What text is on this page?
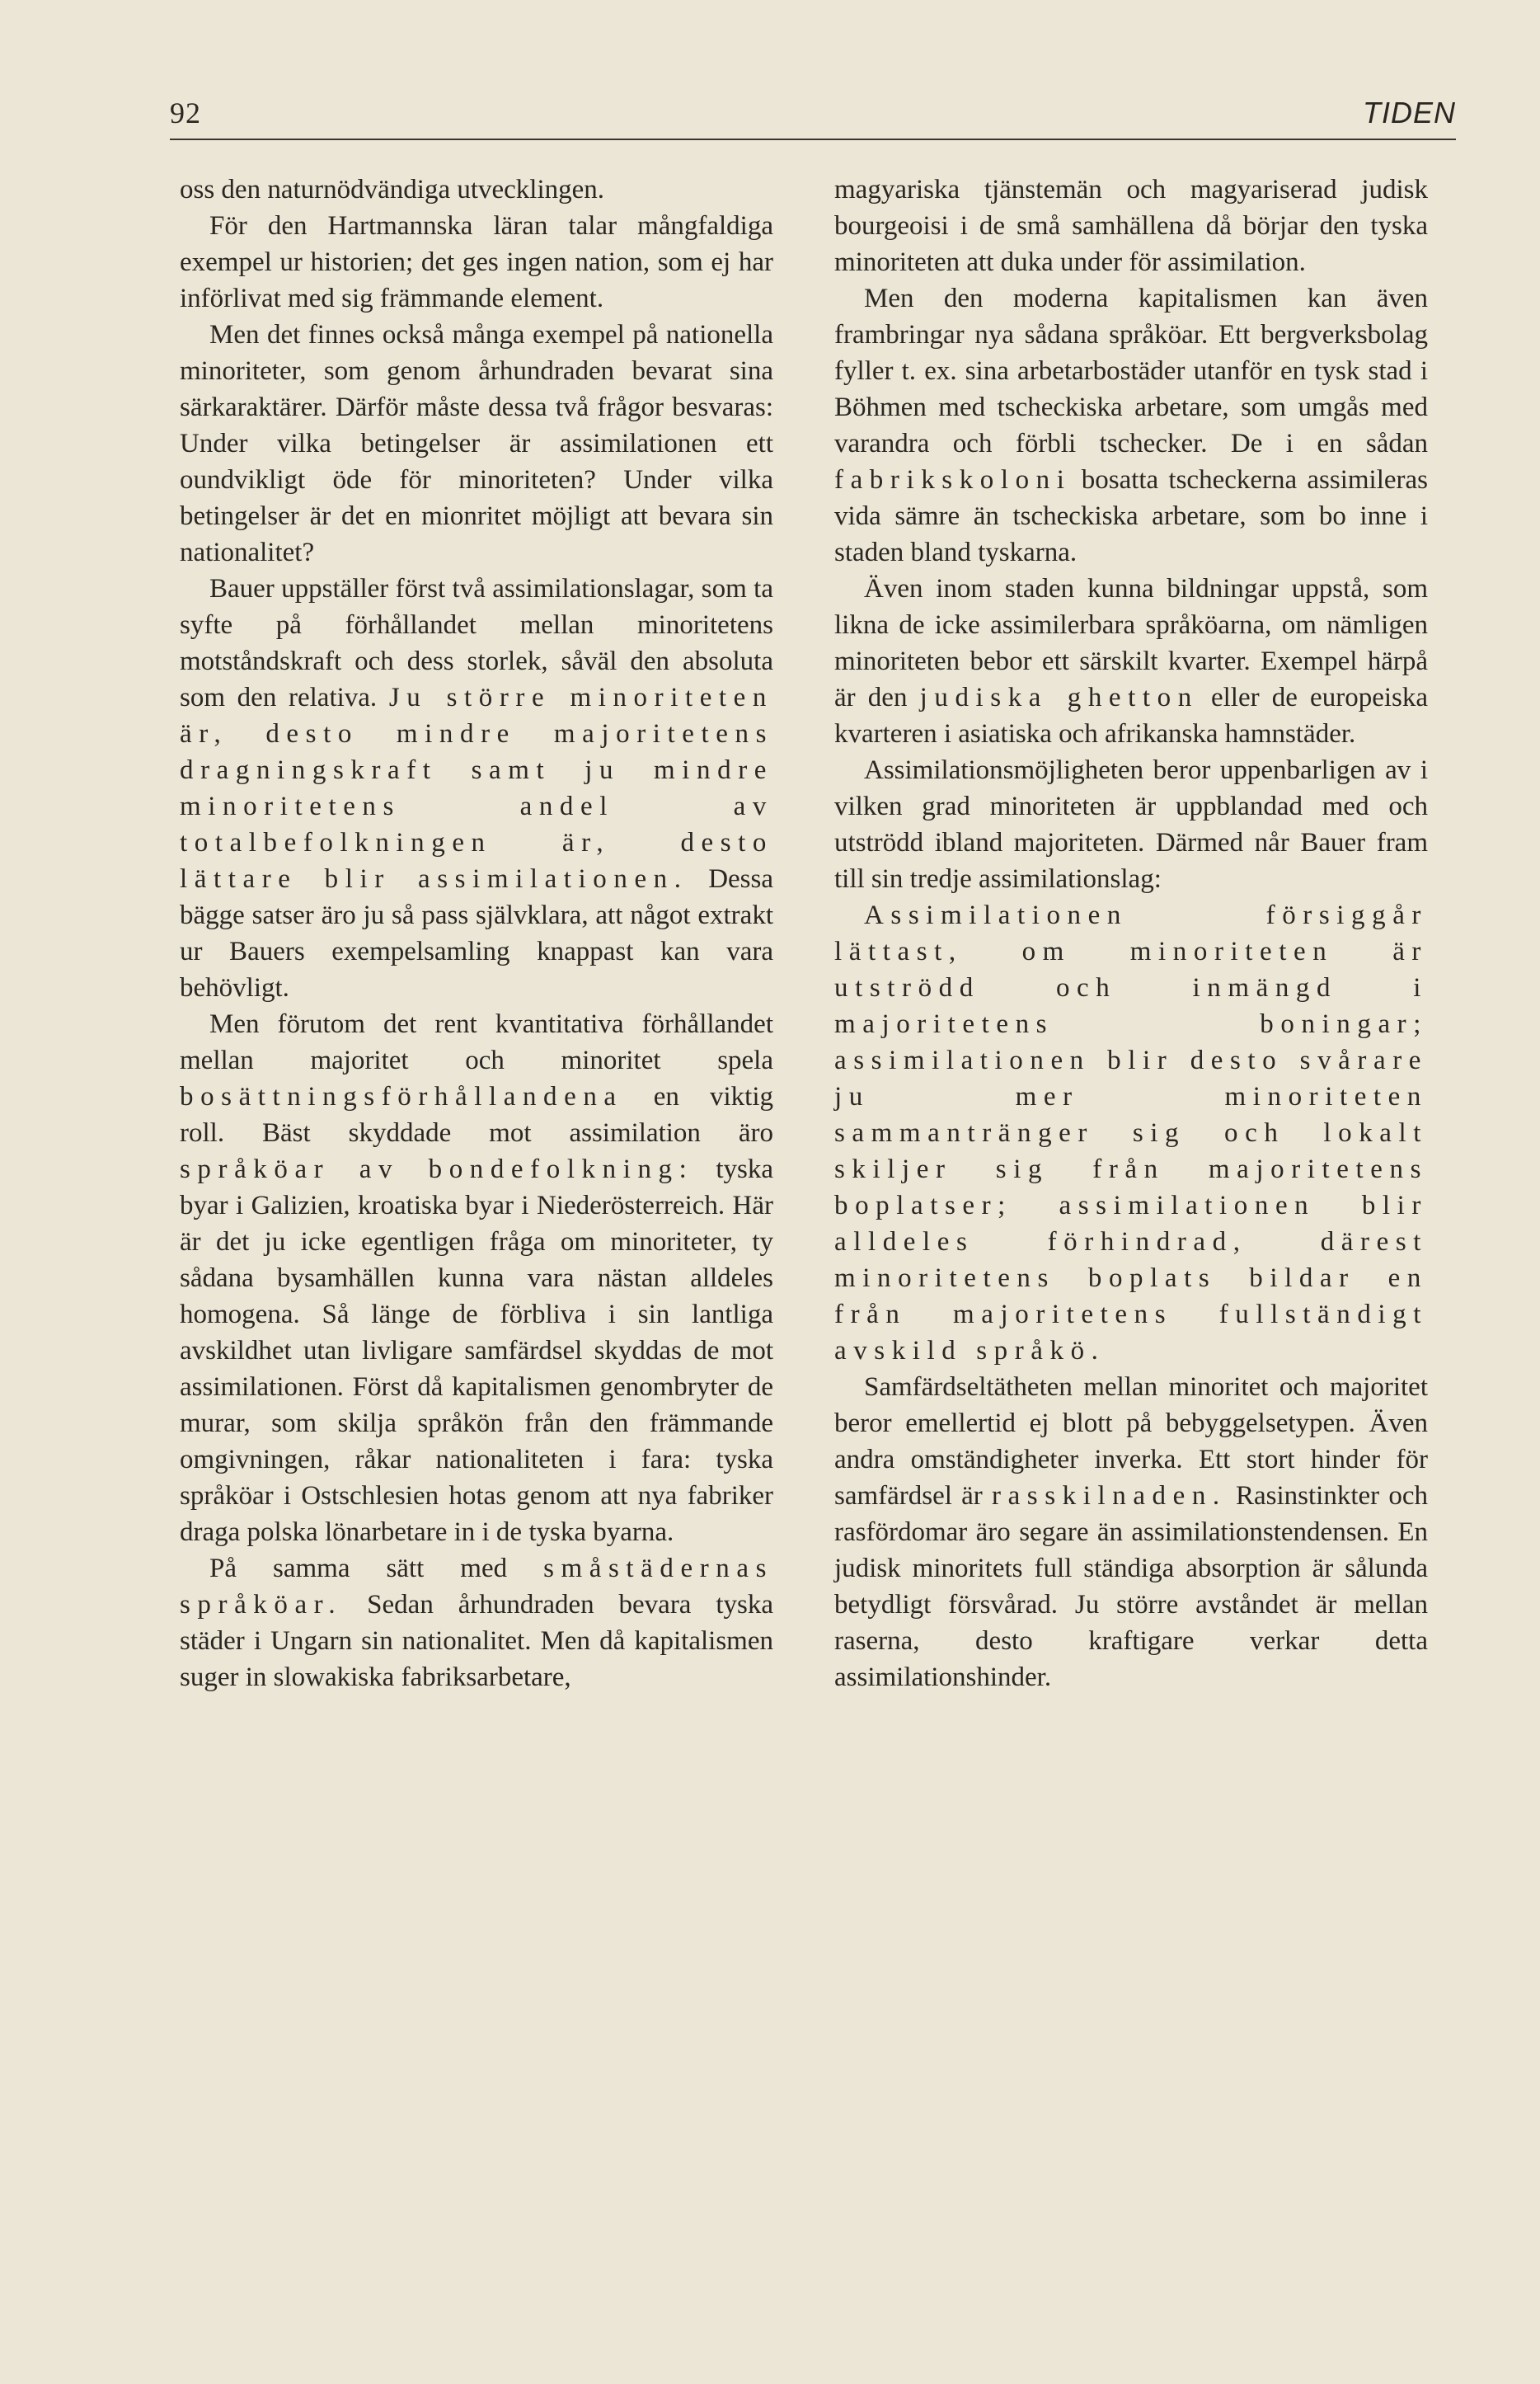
92	TIDEN

oss den naturnödvändiga utvecklingen.

För den Hartmannska läran talar mångfaldiga exempel ur historien; det ges ingen nation, som ej har införlivat med sig främmande element.

Men det finnes också många exempel på nationella minoriteter, som genom århundraden bevarat sina särkaraktärer. Därför måste dessa två frågor besvaras: Under vilka betingelser är assimilationen ett oundvikligt öde för minoriteten? Under vilka betingelser är det en mionritet möjligt att bevara sin nationalitet?

Bauer uppställer först två assimilationslagar, som ta syfte på förhållandet mellan minoritetens motståndskraft och dess storlek, såväl den absoluta som den relativa. Ju större minoriteten är, desto mindre majoritetens dragningskraft samt ju mindre minoritetens andel av totalbefolkningen är, desto lättare blir assimilationen. Dessa bägge satser äro ju så pass självklara, att något extrakt ur Bauers exempelsamling knappast kan vara behövligt.

Men förutom det rent kvantitativa förhållandet mellan majoritet och minoritet spela bosättningsförhållandena en viktig roll. Bäst skyddade mot assimilation äro språköar av bondefolkning: tyska byar i Galizien, kroatiska byar i Niederösterreich. Här är det ju icke egentligen fråga om minoriteter, ty sådana bysamhällen kunna vara nästan alldeles homogena. Så länge de förbliva i sin lantliga avskildhet utan livligare samfärdsel skyddas de mot assimilationen. Först då kapitalismen genombryter de murar, som skilja språkön från den främmande omgivningen, råkar nationaliteten i fara: tyska språköar i Ostschlesien hotas genom att nya fabriker draga polska lönarbetare in i de tyska byarna.

På samma sätt med småstädernas språköar. Sedan århundraden bevara tyska städer i Ungarn sin nationalitet. Men då kapitalismen suger in slowakiska fabriksarbetare,

magyariska tjänstemän och magyariserad judisk bourgeoisi i de små samhällena då börjar den tyska minoriteten att duka under för assimilation.

Men den moderna kapitalismen kan även frambringar nya sådana språköar. Ett bergverksbolag fyller t. ex. sina arbetarbostäder utanför en tysk stad i Böhmen med tscheckiska arbetare, som umgås med varandra och förbli tschecker. De i en sådan fabrikskoloni bosatta tscheckerna assimileras vida sämre än tscheckiska arbetare, som bo inne i staden bland tyskarna.

Även inom staden kunna bildningar uppstå, som likna de icke assimilerbara språköarna, om nämligen minoriteten bebor ett särskilt kvarter. Exempel härpå är den judiska ghetton eller de europeiska kvarteren i asiatiska och afrikanska hamnstäder.

Assimilationsmöjligheten beror uppenbarligen av i vilken grad minoriteten är uppblandad med och utströdd ibland majoriteten. Därmed når Bauer fram till sin tredje assimilationslag:

Assimilationen försiggår lättast, om minoriteten är utströdd och inmängd i majoritetens boningar; assimilationen blir desto svårare ju mer minoriteten sammantränger sig och lokalt skiljer sig från majoritetens boplatser; assimilationen blir alldeles förhindrad, därest minoritetens boplats bildar en från majoritetens fullständigt avskild språkö.

Samfärdseltätheten mellan minoritet och majoritet beror emellertid ej blott på bebyggelsetypen. Även andra omständigheter inverka. Ett stort hinder för samfärdsel är rasskilnaden. Rasinstinkter och rasfördomar äro segare än assimilationstendensen. En judisk minoritets full ständiga absorption är sålunda betydligt försvårad. Ju större avståndet är mellan raserna, desto kraftigare verkar detta assimilationshinder.
